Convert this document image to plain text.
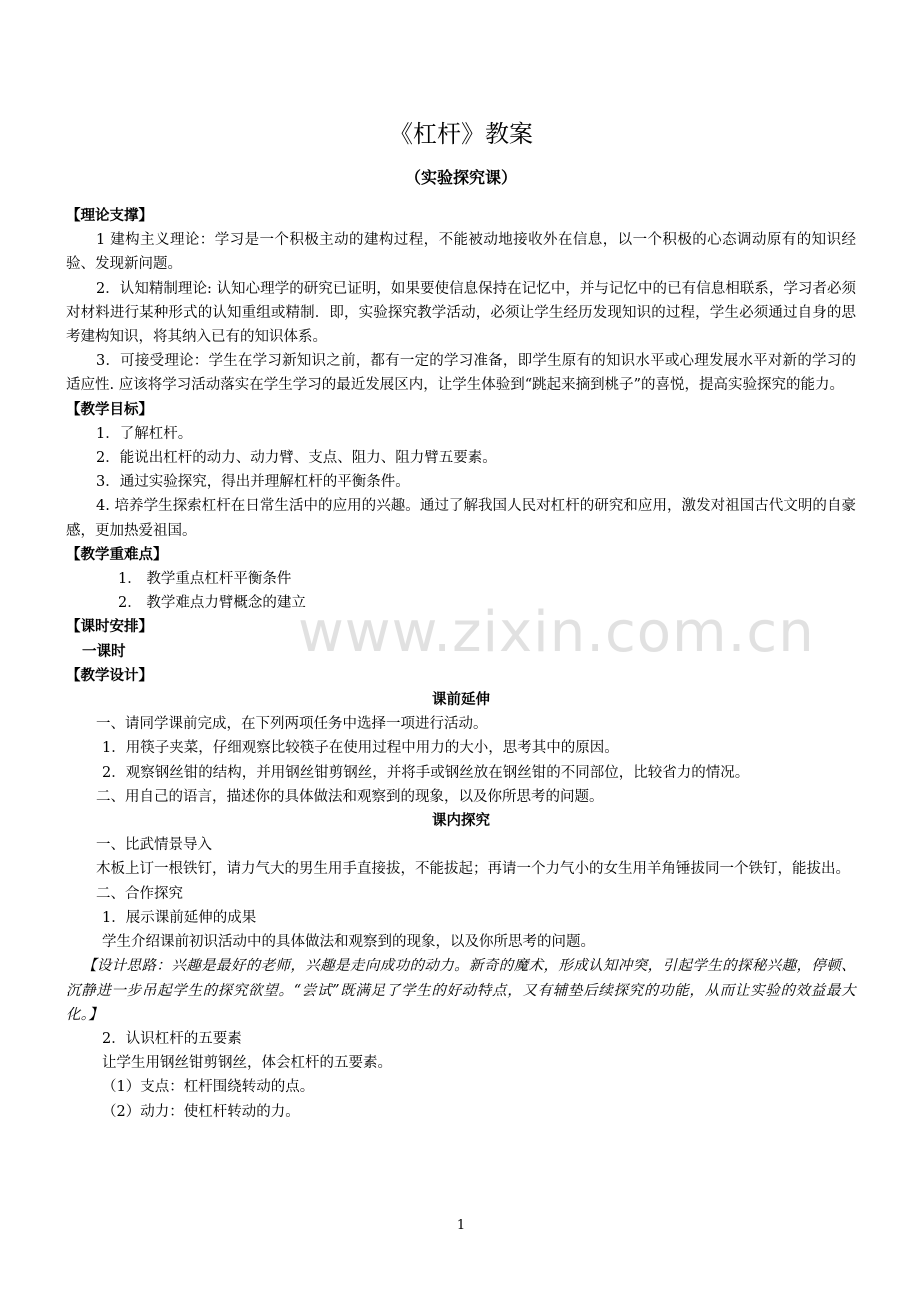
《杠杆》教案
（实验探究课）

【理论支撑】

1 建构主义理论：学习是一个积极主动的建构过程，不能被动地接收外在信息，以一个积极的心态调动原有的知识经验、发现新问题。

2．认知精制理论: 认知心理学的研究已证明，如果要使信息保持在记忆中，并与记忆中的已有信息相联系，学习者必须对材料进行某种形式的认知重组或精制．即，实验探究教学活动，必须让学生经历发现知识的过程，学生必须通过自身的思考建构知识，将其纳入已有的知识体系。

3．可接受理论：学生在学习新知识之前，都有一定的学习准备，即学生原有的知识水平或心理发展水平对新的学习的适应性. 应该将学习活动落实在学生学习的最近发展区内，让学生体验到“跳起来摘到桃子”的喜悦，提高实验探究的能力。

【教学目标】

1．了解杠杆。

2．能说出杠杆的动力、动力臂、支点、阻力、阻力臂五要素。

3．通过实验探究，得出并理解杠杆的平衡条件。

4. 培养学生探索杠杆在日常生活中的应用的兴趣。通过了解我国人民对杠杆的研究和应用，激发对祖国古代文明的自豪感，更加热爱祖国。

【教学重难点】

1． 教学重点杠杆平衡条件

2． 教学难点力臂概念的建立

【课时安排】

一课时

【教学设计】

课前延伸

一、请同学课前完成，在下列两项任务中选择一项进行活动。

1．用筷子夹菜，仔细观察比较筷子在使用过程中用力的大小，思考其中的原因。

2．观察钢丝钳的结构，并用钢丝钳剪钢丝，并将手或钢丝放在钢丝钳的不同部位，比较省力的情况。

二、用自己的语言，描述你的具体做法和观察到的现象，以及你所思考的问题。

课内探究

一、比武情景导入

木板上订一根铁钉，请力气大的男生用手直接拔，不能拔起；再请一个力气小的女生用羊角锤拔同一个铁钉，能拔出。

二、合作探究

1．展示课前延伸的成果

学生介绍课前初识活动中的具体做法和观察到的现象，以及你所思考的问题。

【设计思路：兴趣是最好的老师，兴趣是走向成功的动力。新奇的魔术，形成认知冲突，引起学生的探秘兴趣，停顿、沉静进一步吊起学生的探究欲望。“尝试”既满足了学生的好动特点，又有辅垫后续探究的功能，从而让实验的效益最大化。】

2．认识杠杆的五要素

让学生用钢丝钳剪钢丝，体会杠杆的五要素。

（1）支点：杠杆围绕转动的点。

（2）动力：使杠杆转动的力。

www.zixin.com.cn
1
